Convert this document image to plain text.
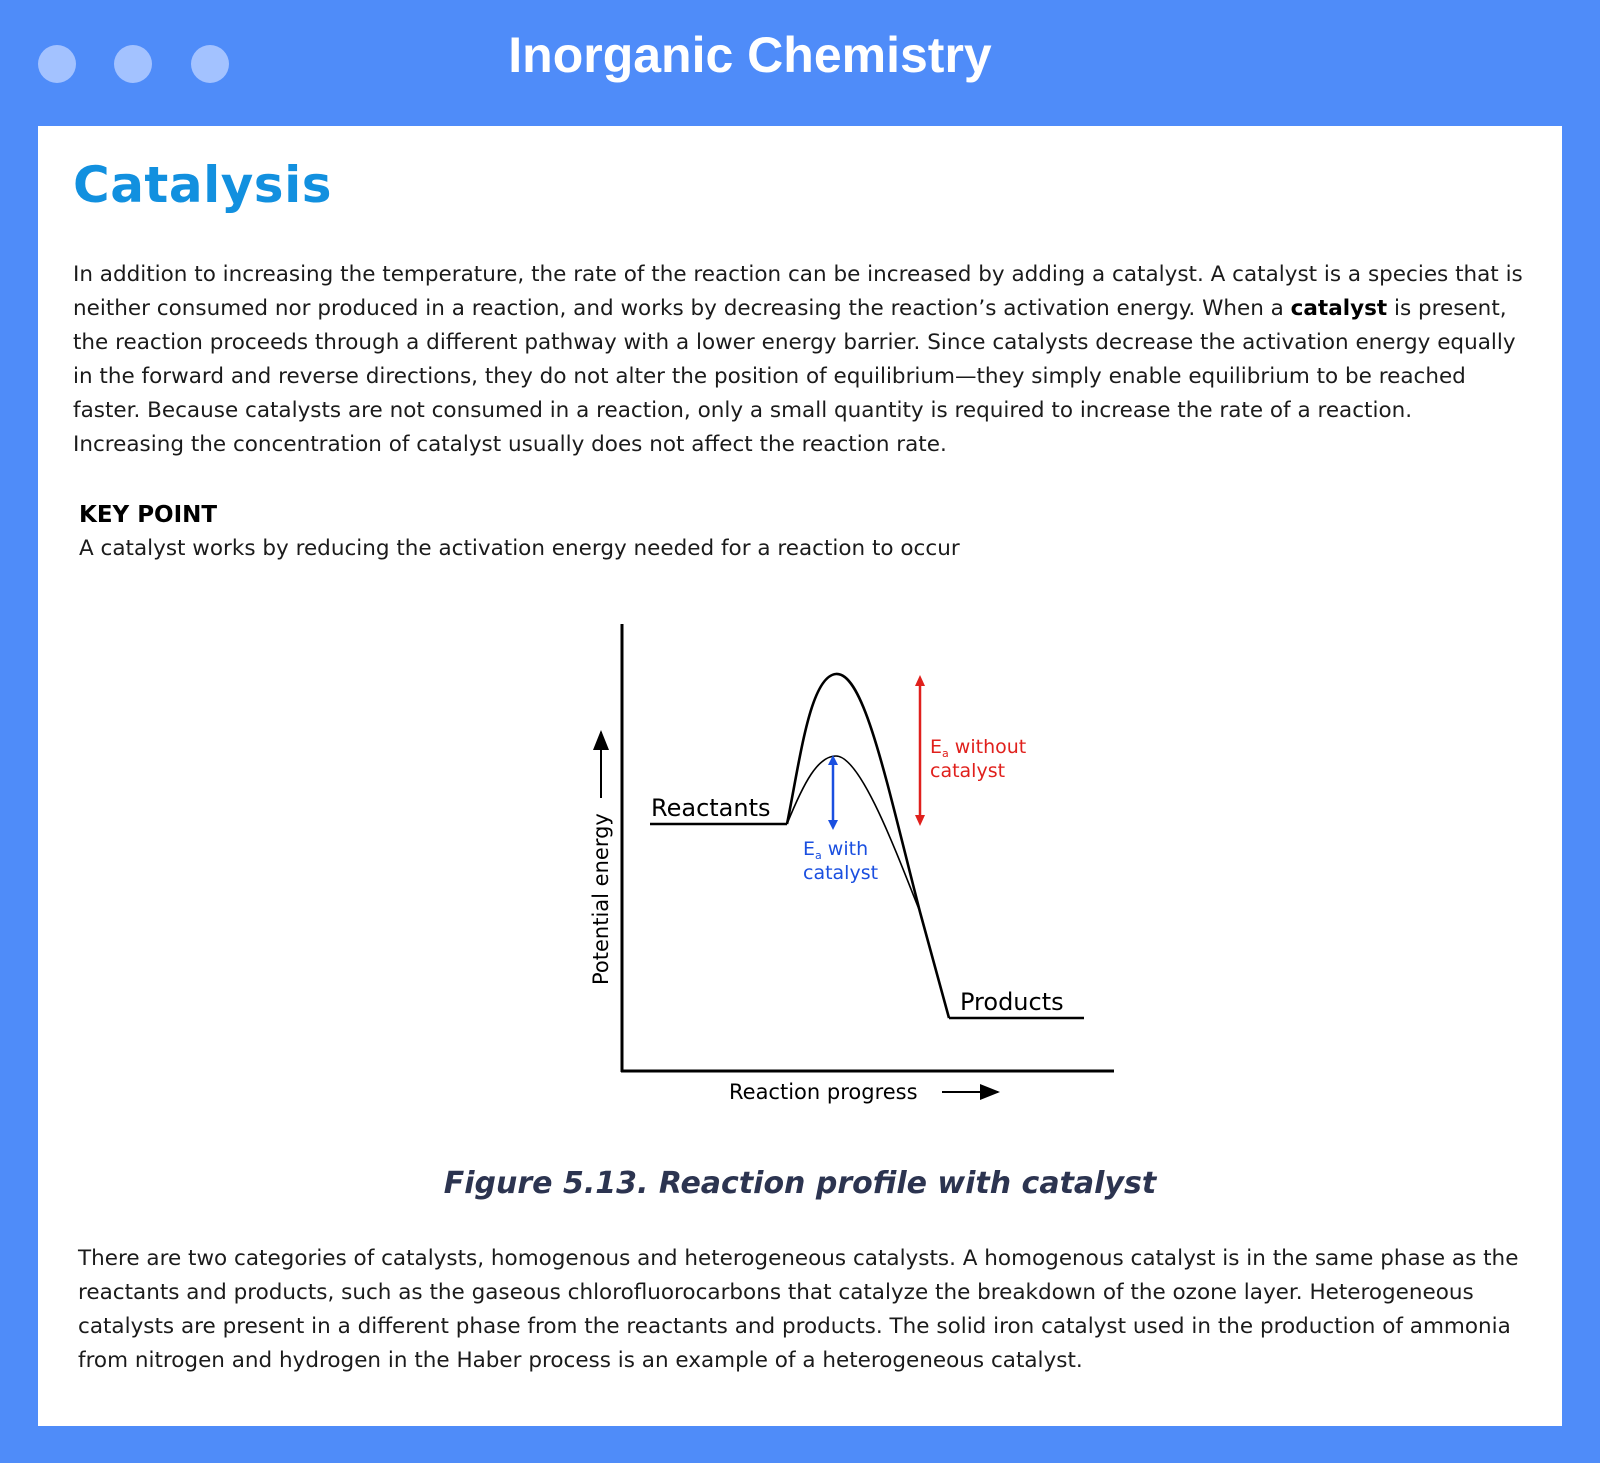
Inorganic Chemistry
Catalysis

In addition to increasing the temperature, the rate of the reaction can be increased by adding a catalyst. A catalyst is a species that is neither consumed nor produced in a reaction, and works by decreasing the reaction’s activation energy. When a catalyst is present, the reaction proceeds through a different pathway with a lower energy barrier. Since catalysts decrease the activation energy equally in the forward and reverse directions, they do not alter the position of equilibrium—they simply enable equilibrium to be reached faster. Because catalysts are not consumed in a reaction, only a small quantity is required to increase the rate of a reaction. Increasing the concentration of catalyst usually does not affect the reaction rate.

KEY POINT
A catalyst works by reducing the activation energy needed for a reaction to occur
Potential energy
Reaction progress
Reactants
Products
$E_a$ without
catalyst
$E_a$ with
catalyst
Figure 5.13. Reaction profile with catalyst

There are two categories of catalysts, homogenous and heterogeneous catalysts. A homogenous catalyst is in the same phase as the reactants and products, such as the gaseous chlorofluorocarbons that catalyze the breakdown of the ozone layer. Heterogeneous catalysts are present in a different phase from the reactants and products. The solid iron catalyst used in the production of ammonia from nitrogen and hydrogen in the Haber process is an example of a heterogeneous catalyst.
